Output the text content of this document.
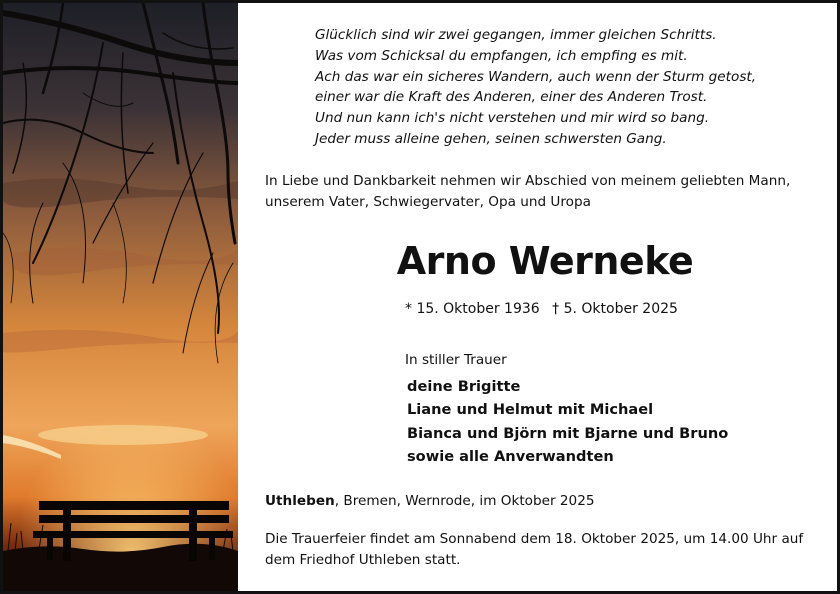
Glücklich sind wir zwei gegangen, immer gleichen Schritts.
Was vom Schicksal du empfangen, ich empfing es mit.
Ach das war ein sicheres Wandern, auch wenn der Sturm getost,
einer war die Kraft des Anderen, einer des Anderen Trost.
Und nun kann ich's nicht verstehen und mir wird so bang.
Jeder muss alleine gehen, seinen schwersten Gang.
In Liebe und Dankbarkeit nehmen wir Abschied von meinem geliebten Mann, unserem Vater, Schwiegervater, Opa und Uropa
Arno Werneke
* 15. Oktober 1936 † 5. Oktober 2025
In stiller Trauer
deine Brigitte
Liane und Helmut mit Michael
Bianca und Björn mit Bjarne und Bruno
sowie alle Anverwandten
Uthleben, Bremen, Wernrode, im Oktober 2025
Die Trauerfeier findet am Sonnabend dem 18. Oktober 2025, um 14.00 Uhr auf dem Friedhof Uthleben statt.
